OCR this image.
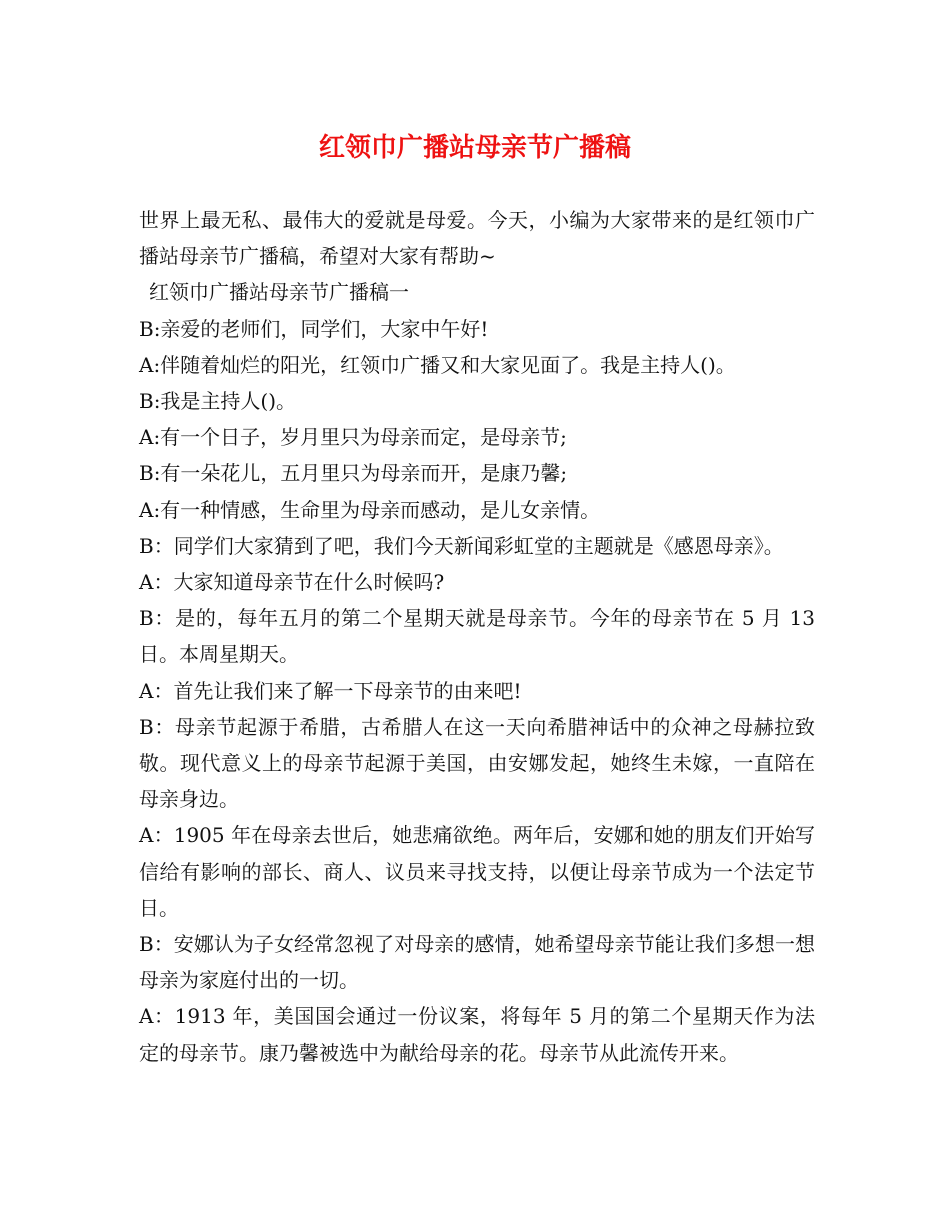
红领巾广播站母亲节广播稿

世界上最无私、最伟大的爱就是母爱。今天，小编为大家带来的是红领巾广播站母亲节广播稿，希望对大家有帮助~

红领巾广播站母亲节广播稿一

B:亲爱的老师们，同学们，大家中午好!

A:伴随着灿烂的阳光，红领巾广播又和大家见面了。我是主持人()。

B:我是主持人()。

A:有一个日子，岁月里只为母亲而定，是母亲节;

B:有一朵花儿，五月里只为母亲而开，是康乃馨;

A:有一种情感，生命里为母亲而感动，是儿女亲情。

B：同学们大家猜到了吧，我们今天新闻彩虹堂的主题就是《感恩母亲》。

A：大家知道母亲节在什么时候吗?

B：是的，每年五月的第二个星期天就是母亲节。今年的母亲节在 5 月 13 日。本周星期天。

A：首先让我们来了解一下母亲节的由来吧!

B：母亲节起源于希腊，古希腊人在这一天向希腊神话中的众神之母赫拉致敬。现代意义上的母亲节起源于美国，由安娜发起，她终生未嫁，一直陪在母亲身边。

A：1905 年在母亲去世后，她悲痛欲绝。两年后，安娜和她的朋友们开始写信给有影响的部长、商人、议员来寻找支持，以便让母亲节成为一个法定节日。

B：安娜认为子女经常忽视了对母亲的感情，她希望母亲节能让我们多想一想母亲为家庭付出的一切。

A：1913 年，美国国会通过一份议案，将每年 5 月的第二个星期天作为法定的母亲节。康乃馨被选中为献给母亲的花。母亲节从此流传开来。
